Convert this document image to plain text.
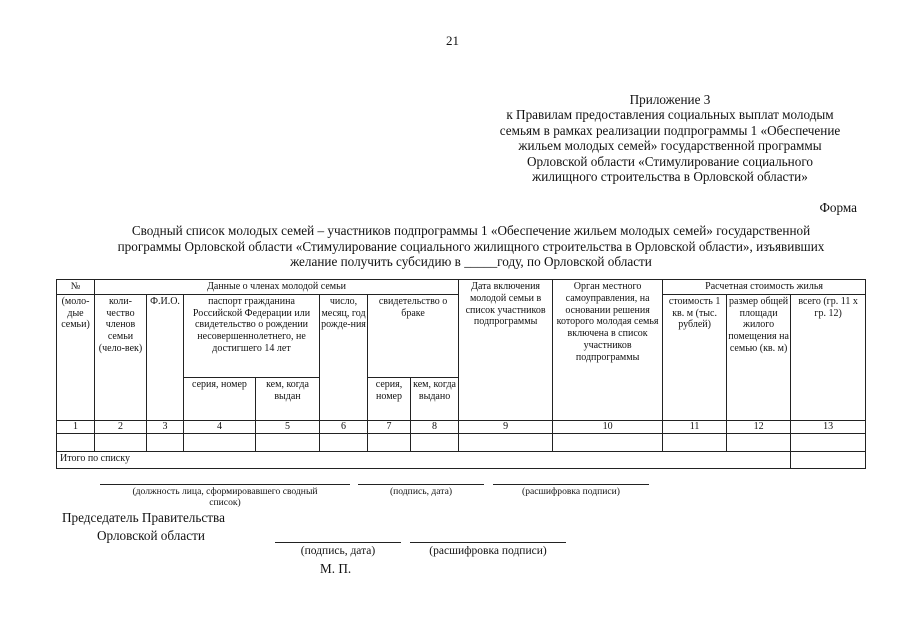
21
Приложение 3
к Правилам предоставления социальных выплат молодым
семьям в рамках реализации подпрограммы 1 «Обеспечение
жильем молодых семей» государственной программы
Орловской области «Стимулирование социального
жилищного строительства в Орловской области»
Форма
Сводный список молодых семей – участников подпрограммы 1 «Обеспечение жильем молодых семей» государственной
программы Орловской области «Стимулирование социального жилищного строительства в Орловской области», изъявивших
желание получить субсидию в _____году, по Орловской области
№	Данные о членах молодой семьи							Дата включения молодой семьи в список участников подпрограммы	Орган местного самоуправления, на основании решения которого молодая семья включена в список участников подпрограммы	Расчетная стоимость жилья		
(моло-дые семьи)	коли-чество членов семьи (чело-век)	Ф.И.О.	паспорт гражданина Российской Федерации или свидетельство о рождении несовершеннолетнего, не достигшего 14 лет		число, месяц, год рожде-ния	свидетельство о браке				стоимость 1 кв. м (тыс. рублей)	размер общей площади жилого помещения на семью (кв. м)	всего (гр. 11 х гр. 12)
			серия, номер	кем, когда выдан		серия, номер	кем, когда выдано					
1	2	3	4	5	6	7	8	9	10	11	12	13

Итого по списку												
(должность лица, сформировавшего сводный список)
(подпись, дата)	(расшифровка подписи)
Председатель Правительства
Орловской области
(подпись, дата)	(расшифровка подписи)
М. П.
